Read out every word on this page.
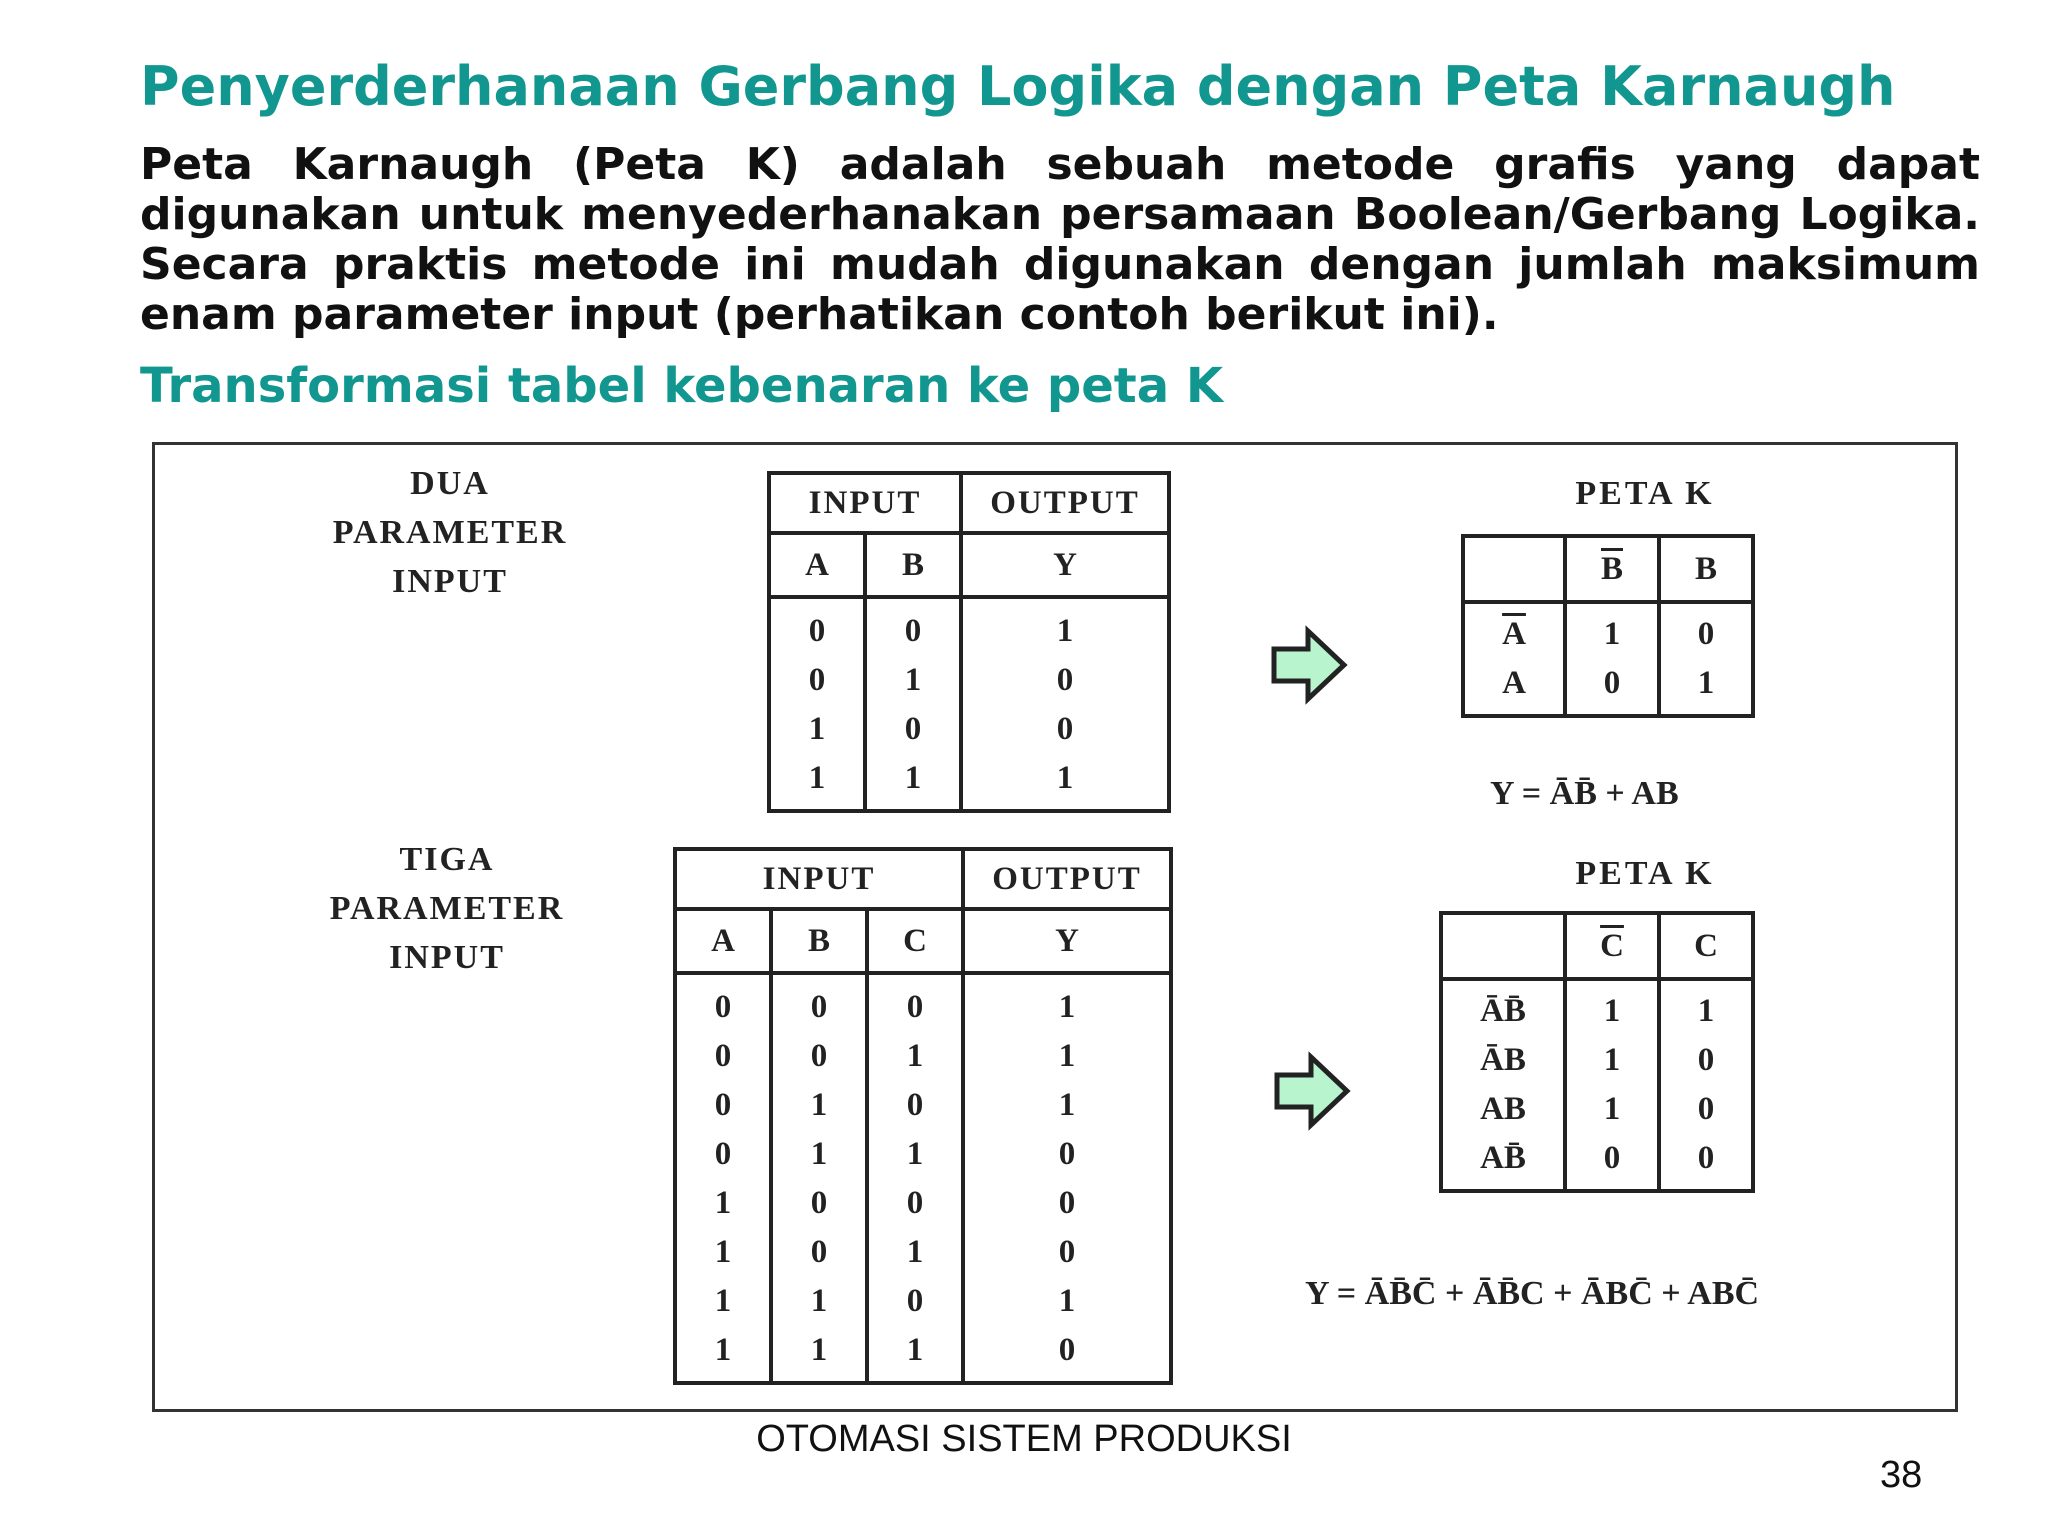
Penyerderhanaan Gerbang Logika dengan Peta Karnaugh

Peta Karnaugh (Peta K) adalah sebuah metode grafis yang dapat digunakan untuk menyederhanakan persamaan Boolean/Gerbang Logika. Secara praktis metode ini mudah digunakan dengan jumlah maksimum enam parameter input (perhatikan contoh berikut ini).

Transformasi tabel kebenaran ke peta K
DUA
PARAMETER
INPUT
INPUT		OUTPUT
A	B	Y
0	0	1
0	1	0
1	0	0
1	1	1
PETA K
	$\overline{B}$	B
$\overline{A}$	1	0
A	0	1
Y = ĀB̄ + AB
TIGA
PARAMETER
INPUT
INPUT			OUTPUT
A	B	C	Y
0	0	0	1
0	0	1	1
0	1	0	1
0	1	1	0
1	0	0	0
1	0	1	0
1	1	0	1
1	1	1	0
PETA K
	$\overline{C}$	C
ĀB̄	1	1
ĀB	1	0
AB	1	0
AB̄	0	0
Y = ĀB̄C̄ + ĀB̄C + ĀBC̄ + ABC̄
OTOMASI SISTEM PRODUKSI
38
